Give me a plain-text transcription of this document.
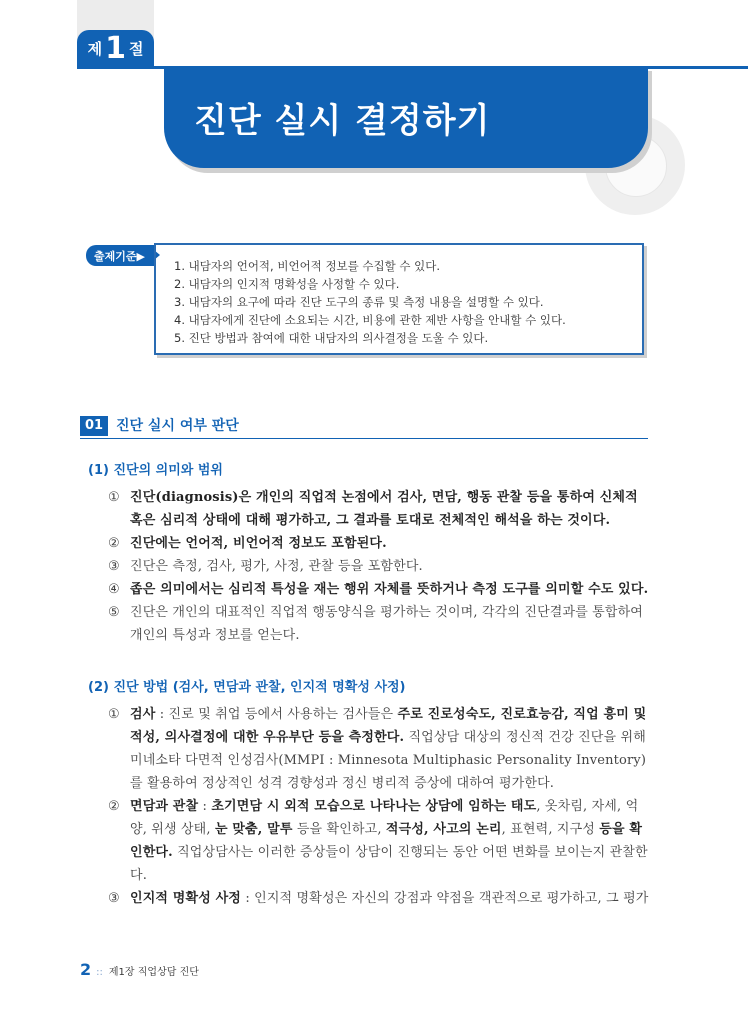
제 1 절
진단 실시 결정하기
출제기준▶
1. 내담자의 언어적, 비언어적 정보를 수집할 수 있다.
2. 내담자의 인지적 명확성을 사정할 수 있다.
3. 내담자의 요구에 따라 진단 도구의 종류 및 측정 내용을 설명할 수 있다.
4. 내담자에게 진단에 소요되는 시간, 비용에 관한 제반 사항을 안내할 수 있다.
5. 진단 방법과 참여에 대한 내담자의 의사결정을 도울 수 있다.
01 진단 실시 여부 판단
(1) 진단의 의미와 범위
① 진단(diagnosis)은 개인의 직업적 논점에서 검사, 면담, 행동 관찰 등을 통하여 신체적 혹은 심리적 상태에 대해 평가하고, 그 결과를 토대로 전체적인 해석을 하는 것이다.
② 진단에는 언어적, 비언어적 정보도 포함된다.
③ 진단은 측정, 검사, 평가, 사정, 관찰 등을 포함한다.
④ 좁은 의미에서는 심리적 특성을 재는 행위 자체를 뜻하거나 측정 도구를 의미할 수도 있다.
⑤ 진단은 개인의 대표적인 직업적 행동양식을 평가하는 것이며, 각각의 진단결과를 통합하여 개인의 특성과 정보를 얻는다.
(2) 진단 방법 (검사, 면담과 관찰, 인지적 명확성 사정)
① 검사 : 진로 및 취업 등에서 사용하는 검사들은 주로 진로성숙도, 진로효능감, 직업 흥미 및 적성, 의사결정에 대한 우유부단 등을 측정한다. 직업상담 대상의 정신적 건강 진단을 위해 미네소타 다면적 인성검사(MMPI : Minnesota Multiphasic Personality Inventory)를 활용하여 정상적인 성격 경향성과 정신 병리적 증상에 대하여 평가한다.
② 면담과 관찰 : 초기면담 시 외적 모습으로 나타나는 상담에 임하는 태도, 옷차림, 자세, 억양, 위생 상태, 눈 맞춤, 말투 등을 확인하고, 적극성, 사고의 논리, 표현력, 지구성 등을 확인한다. 직업상담사는 이러한 증상들이 상담이 진행되는 동안 어떤 변화를 보이는지 관찰한다.
③ 인지적 명확성 사정 : 인지적 명확성은 자신의 강점과 약점을 객관적으로 평가하고, 그 평가
2 :: 제1장 직업상담 진단
